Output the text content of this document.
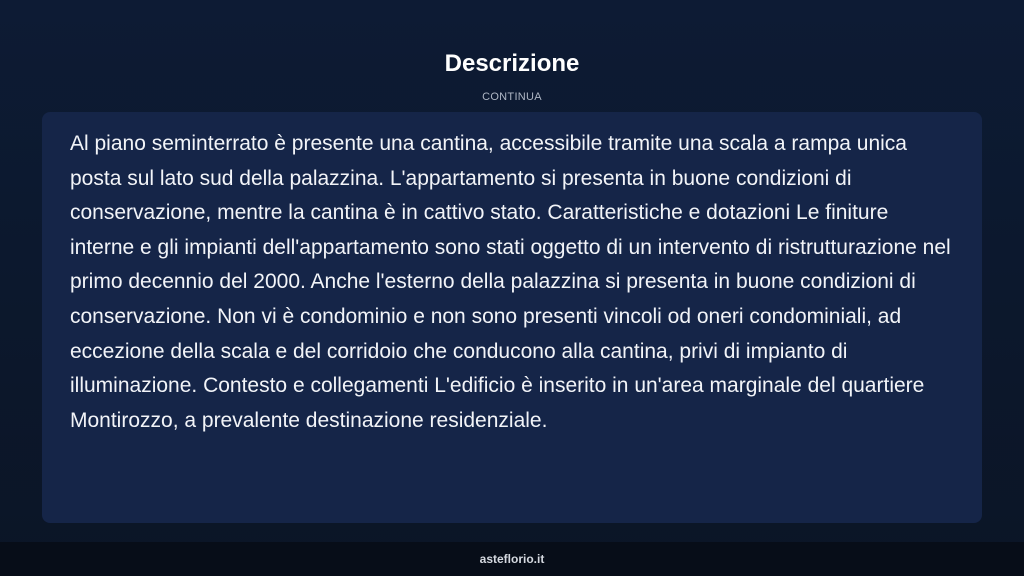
Descrizione
CONTINUA

Al piano seminterrato è presente una cantina, accessibile tramite una scala a rampa unica posta sul lato sud della palazzina. L'appartamento si presenta in buone condizioni di conservazione, mentre la cantina è in cattivo stato. Caratteristiche e dotazioni Le finiture interne e gli impianti dell'appartamento sono stati oggetto di un intervento di ristrutturazione nel primo decennio del 2000. Anche l'esterno della palazzina si presenta in buone condizioni di conservazione. Non vi è condominio e non sono presenti vincoli od oneri condominiali, ad eccezione della scala e del corridoio che conducono alla cantina, privi di impianto di illuminazione. Contesto e collegamenti L'edificio è inserito in un'area marginale del quartiere Montirozzo, a prevalente destinazione residenziale.

asteflorio.it
